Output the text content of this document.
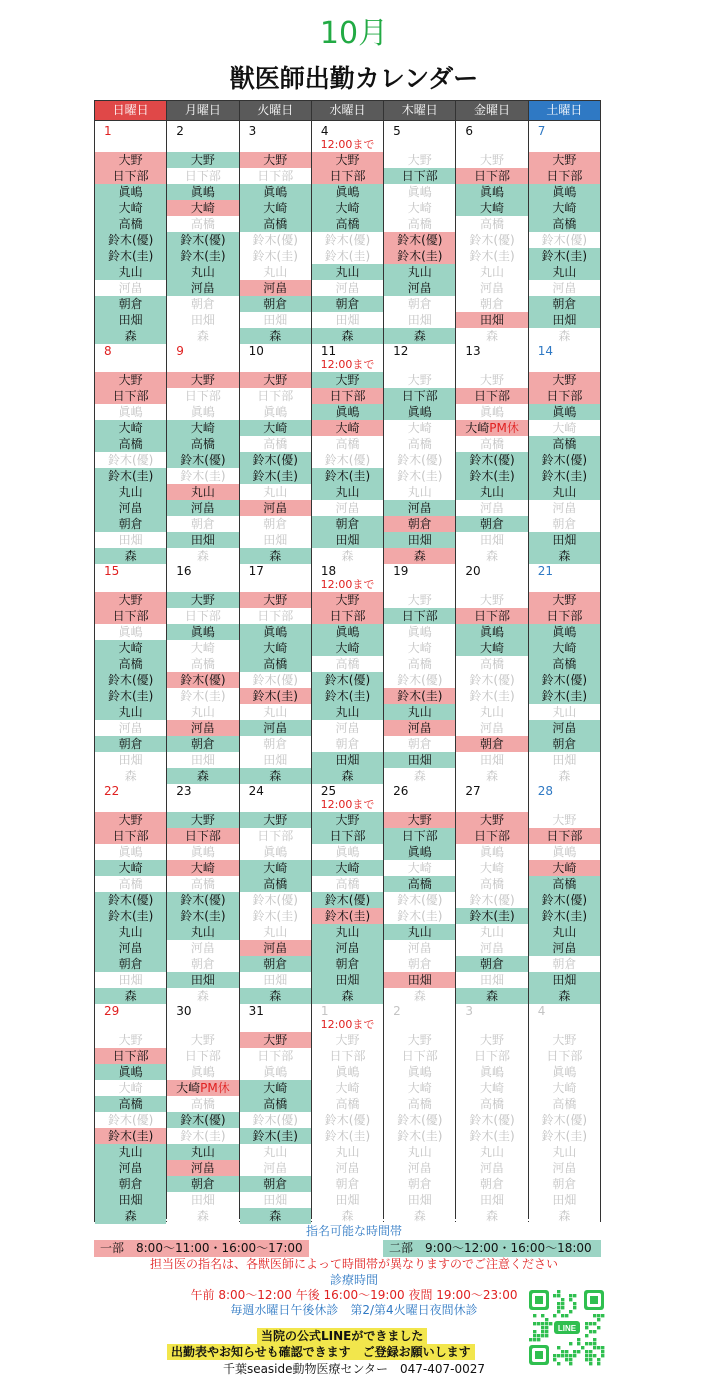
10月
獣医師出勤カレンダー
日曜日	月曜日	火曜日	水曜日	木曜日	金曜日	土曜日
1
大野
日下部
眞嶋
大崎
高橋
鈴木(優)
鈴木(圭)
丸山
河畠
朝倉
田畑
森
2
大野
日下部
眞嶋
大崎
高橋
鈴木(優)
鈴木(圭)
丸山
河畠
朝倉
田畑
森
3
大野
日下部
眞嶋
大崎
高橋
鈴木(優)
鈴木(圭)
丸山
河畠
朝倉
田畑
森
4
12:00まで
大野
日下部
眞嶋
大崎
高橋
鈴木(優)
鈴木(圭)
丸山
河畠
朝倉
田畑
森
5
大野
日下部
眞嶋
大崎
高橋
鈴木(優)
鈴木(圭)
丸山
河畠
朝倉
田畑
森
6
大野
日下部
眞嶋
大崎
高橋
鈴木(優)
鈴木(圭)
丸山
河畠
朝倉
田畑
森
7
大野
日下部
眞嶋
大崎
高橋
鈴木(優)
鈴木(圭)
丸山
河畠
朝倉
田畑
森
8
大野
日下部
眞嶋
大崎
高橋
鈴木(優)
鈴木(圭)
丸山
河畠
朝倉
田畑
森
9
大野
日下部
眞嶋
大崎
高橋
鈴木(優)
鈴木(圭)
丸山
河畠
朝倉
田畑
森
10
大野
日下部
眞嶋
大崎
高橋
鈴木(優)
鈴木(圭)
丸山
河畠
朝倉
田畑
森
11
12:00まで
大野
日下部
眞嶋
大崎
高橋
鈴木(優)
鈴木(圭)
丸山
河畠
朝倉
田畑
森
12
大野
日下部
眞嶋
大崎
高橋
鈴木(優)
鈴木(圭)
丸山
河畠
朝倉
田畑
森
13
大野
日下部
眞嶋
大崎PM休
高橋
鈴木(優)
鈴木(圭)
丸山
河畠
朝倉
田畑
森
14
大野
日下部
眞嶋
大崎
高橋
鈴木(優)
鈴木(圭)
丸山
河畠
朝倉
田畑
森
15
大野
日下部
眞嶋
大崎
高橋
鈴木(優)
鈴木(圭)
丸山
河畠
朝倉
田畑
森
16
大野
日下部
眞嶋
大崎
高橋
鈴木(優)
鈴木(圭)
丸山
河畠
朝倉
田畑
森
17
大野
日下部
眞嶋
大崎
高橋
鈴木(優)
鈴木(圭)
丸山
河畠
朝倉
田畑
森
18
12:00まで
大野
日下部
眞嶋
大崎
高橋
鈴木(優)
鈴木(圭)
丸山
河畠
朝倉
田畑
森
19
大野
日下部
眞嶋
大崎
高橋
鈴木(優)
鈴木(圭)
丸山
河畠
朝倉
田畑
森
20
大野
日下部
眞嶋
大崎
高橋
鈴木(優)
鈴木(圭)
丸山
河畠
朝倉
田畑
森
21
大野
日下部
眞嶋
大崎
高橋
鈴木(優)
鈴木(圭)
丸山
河畠
朝倉
田畑
森
22
大野
日下部
眞嶋
大崎
高橋
鈴木(優)
鈴木(圭)
丸山
河畠
朝倉
田畑
森
23
大野
日下部
眞嶋
大崎
高橋
鈴木(優)
鈴木(圭)
丸山
河畠
朝倉
田畑
森
24
大野
日下部
眞嶋
大崎
高橋
鈴木(優)
鈴木(圭)
丸山
河畠
朝倉
田畑
森
25
12:00まで
大野
日下部
眞嶋
大崎
高橋
鈴木(優)
鈴木(圭)
丸山
河畠
朝倉
田畑
森
26
大野
日下部
眞嶋
大崎
高橋
鈴木(優)
鈴木(圭)
丸山
河畠
朝倉
田畑
森
27
大野
日下部
眞嶋
大崎
高橋
鈴木(優)
鈴木(圭)
丸山
河畠
朝倉
田畑
森
28
大野
日下部
眞嶋
大崎
高橋
鈴木(優)
鈴木(圭)
丸山
河畠
朝倉
田畑
森
29
大野
日下部
眞嶋
大崎
高橋
鈴木(優)
鈴木(圭)
丸山
河畠
朝倉
田畑
森
30
大野
日下部
眞嶋
大崎PM休
高橋
鈴木(優)
鈴木(圭)
丸山
河畠
朝倉
田畑
森
31
大野
日下部
眞嶋
大崎
高橋
鈴木(優)
鈴木(圭)
丸山
河畠
朝倉
田畑
森
1
12:00まで
大野
日下部
眞嶋
大崎
高橋
鈴木(優)
鈴木(圭)
丸山
河畠
朝倉
田畑
森
2
大野
日下部
眞嶋
大崎
高橋
鈴木(優)
鈴木(圭)
丸山
河畠
朝倉
田畑
森
3
大野
日下部
眞嶋
大崎
高橋
鈴木(優)
鈴木(圭)
丸山
河畠
朝倉
田畑
森
4
大野
日下部
眞嶋
大崎
高橋
鈴木(優)
鈴木(圭)
丸山
河畠
朝倉
田畑
森
指名可能な時間帯
一部　8:00〜11:00・16:00〜17:00	二部　9:00〜12:00・16:00〜18:00
担当医の指名は、各獣医師によって時間帯が異なりますのでご注意ください
診療時間
午前 8:00〜12:00 午後 16:00〜19:00 夜間 19:00〜23:00
毎週水曜日午後休診　第2/第4火曜日夜間休診
当院の公式LINEができました
出勤表やお知らせも確認できます　ご登録お願いします
千葉seaside動物医療センター　047-407-0027
LINE
